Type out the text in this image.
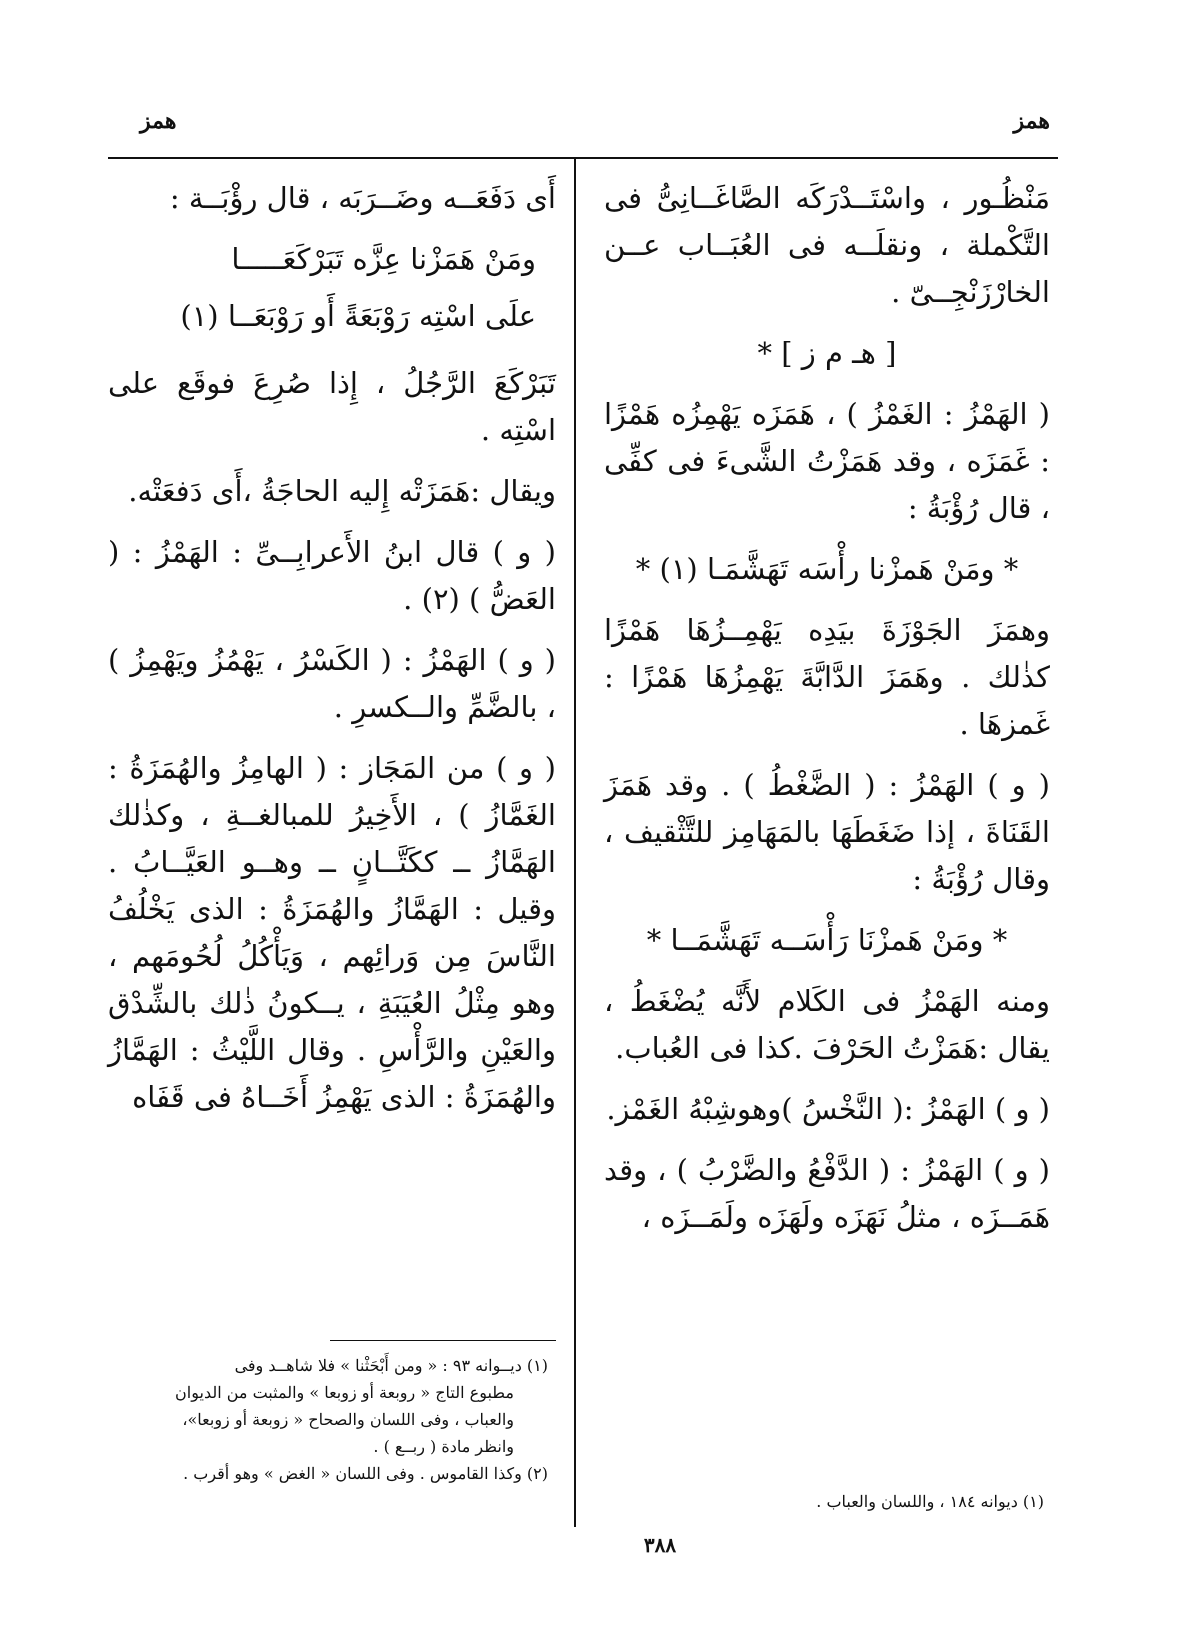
همز
همز

مَنْظُـور ، واسْتَــدْرَكَه الصَّاغَــانِىُّ فى التَّكْملة ، ونقلَــه فى العُبَــاب عــن الخارْزَنْجِــىّ .

[ هـ م ز ] *

( الهَمْزُ : الغَمْزُ ) ، هَمَزَه يَهْمِزُه هَمْزًا : غَمَزَه ، وقد هَمَزْتُ الشَّىءَ فى كفِّى ، قال رُؤْبَةُ :

* ومَنْ هَمزْنا رأْسَه تَهَشَّمَـا (١) *

وهمَزَ الجَوْزَةَ بيَدِه يَهْمِــزُهَا هَمْزًا كذٰلك . وهَمَزَ الدَّابَّةَ يَهْمِزُهَا هَمْزًا : غَمزهَا .

( و ) الهَمْزُ : ( الضَّغْطُ ) . وقد هَمَزَ القَنَاةَ ، إذا ضَغَطَهَا بالمَهَامِز للتَّثْقيف ، وقال رُؤْبَةُ :

* ومَنْ هَمزْنَا رَأْسَــه تَهَشَّمَــا *

ومنه الهَمْزُ فى الكَلام لأَنَّه يُضْغَطُ ، يقال :هَمَزْتُ الحَرْفَ .كذا فى العُباب.

( و ) الهَمْزُ :( النَّخْسُ )وهوشِبْهُ الغَمْز.

( و ) الهَمْزُ : ( الدَّفْعُ والضَّرْبُ ) ، وقد هَمَــزَه ، مثلُ نَهَزَه ولَهَزَه ولَمَــزَه ،

أَى دَفَعَــه وضَــرَبَه ، قال رؤْبَــة :

ومَنْ هَمَزْنا عِزَّه تَبَرْكَعَـــــا

علَى اسْتِه رَوْبَعَةً أَو رَوْبَعَــا (١)

تَبَرْكَعَ الرَّجُلُ ، إِذا صُرِعَ فوقَع على اسْتِه .

ويقال :هَمَزَتْه إِليه الحاجَةُ ،أَى دَفعَتْه.

( و ) قال ابنُ الأَعرابِــىِّ : الهَمْزُ : ( العَضُّ ) (٢) .

( و ) الهَمْزُ : ( الكَسْرُ ، يَهْمُزُ ويَهْمِزُ ) ، بالضَّمِّ والــكسرِ .

( و ) من المَجَاز : ( الهامِزُ والهُمَزَةُ : الغَمَّازُ ) ، الأَخِيرُ للمبالغــةِ ، وكذٰلك الهَمَّازُ ــ ككَتَّــانٍ ــ وهــو العَيَّــابُ . وقيل : الهَمَّازُ والهُمَزَةُ : الذى يَخْلُفُ النَّاسَ مِن وَرائِهم ، وَيَأْكُلُ لُحُومَهم ، وهو مِثْلُ العُيَبَةِ ، يــكونُ ذٰلك بالشِّدْق والعَيْنِ والرَّأْسِ . وقال اللَّيْثُ : الهَمَّازُ والهُمَزَةُ : الذى يَهْمِزُ أَخَــاهُ فى قَفَاه

(١) ديــوانه ٩٣ : « ومن أَبْحَثْنا » فلا شاهــد وفى

مطبوع التاج « روبعة أو زوبعا » والمثبت من الديوان

والعباب ، وفى اللسان والصحاح « زوبعة أو زوبعا»،

وانظر مادة ( ربــع ) .

(٢) وكذا القاموس . وفى اللسان « الغض » وهو أقرب .

(١) ديوانه ١٨٤ ، واللسان والعباب .

٣٨٨
